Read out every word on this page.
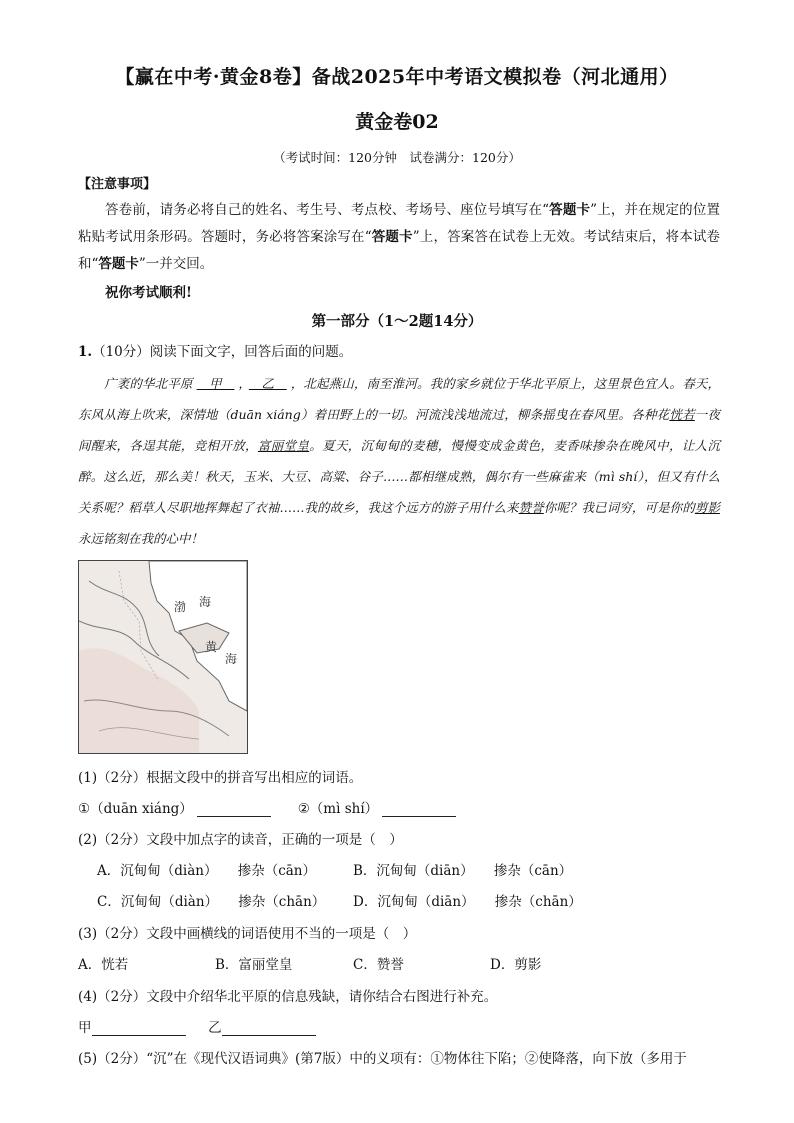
【赢在中考·黄金8卷】备战2025年中考语文模拟卷（河北通用）
黄金卷02
（考试时间：120分钟　试卷满分：120分）
【注意事项】
答卷前，请务必将自己的姓名、考生号、考点校、考场号、座位号填写在“答题卡”上，并在规定的位置粘贴考试用条形码。答题时，务必将答案涂写在“答题卡”上，答案答在试卷上无效。考试结束后，将本试卷和“答题卡”一并交回。
祝你考试顺利!
第一部分（1～2题14分）
1.（10分）阅读下面文字，回答后面的问题。
广袤的华北平原　甲　，　乙　，北起燕山，南至淮河。我的家乡就位于华北平原上，这里景色宜人。春天，东风从海上吹来，深情地（duān xiáng）着田野上的一切。河流浅浅地流过，柳条摇曳在春风里。各种花恍若一夜间醒来，各逞其能，竞相开放，富丽堂皇。夏天，沉甸甸的麦穗，慢慢变成金黄色，麦香味掺杂在晚风中，让人沉醉。这么近，那么美！秋天，玉米、大豆、高粱、谷子……都相继成熟，偶尔有一些麻雀来（mì shí），但又有什么关系呢？稻草人尽职地挥舞起了衣袖……我的故乡，我这个远方的游子用什么来赞誉你呢？我已词穷，可是你的剪影永远铭刻在我的心中！
渤 海
黄
海
(1)（2分）根据文段中的拼音写出相应的词语。
①（duān xiáng）	②（mì shí）
(2)（2分）文段中加点字的读音，正确的一项是（　）
A．沉甸甸（diàn）　　掺杂（cān）	B．沉甸甸（diān）　　掺杂（cān）
C．沉甸甸（diàn）　　掺杂（chān） D．沉甸甸（diān）　　掺杂（chān）
(3)（2分）文段中画横线的词语使用不当的一项是（　）
A．恍若	B．富丽堂皇	C．赞誉	D．剪影
(4)（2分）文段中介绍华北平原的信息残缺，请你结合右图进行补充。
甲	乙
(5)（2分）“沉”在《现代汉语词典》(第7版）中的义项有：①物体往下陷；②使降落，向下放（多用于
